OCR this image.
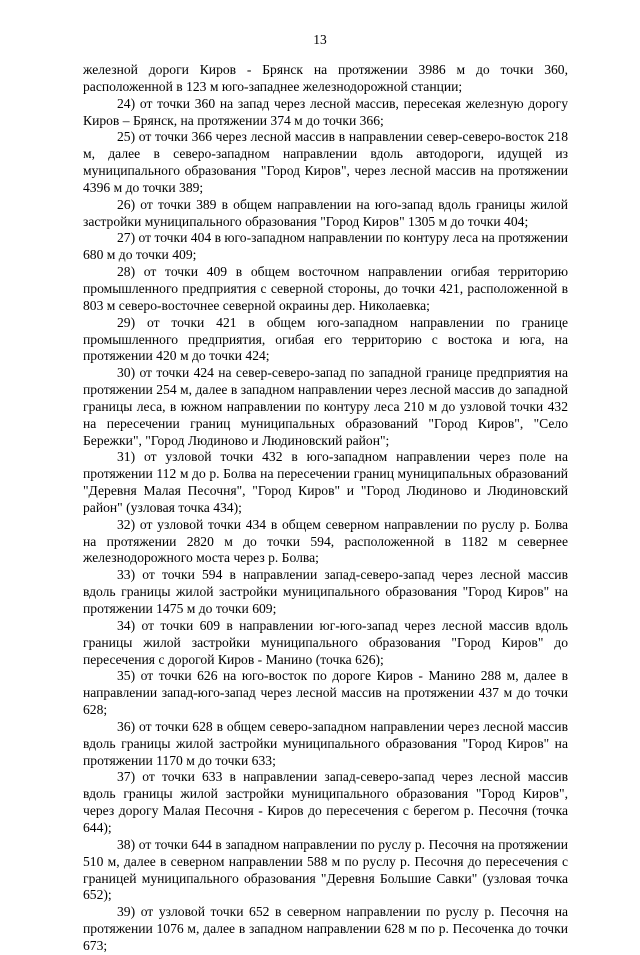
13

железной дороги Киров - Брянск на протяжении 3986 м до точки 360, расположенной в 123 м юго-западнее железнодорожной станции;

24) от точки 360 на запад через лесной массив, пересекая железную дорогу Киров – Брянск, на протяжении 374 м до точки 366;

25) от точки 366 через лесной массив в направлении север-северо-восток 218 м, далее в северо-западном направлении вдоль автодороги, идущей из муниципального образования "Город Киров", через лесной массив на протяжении 4396 м до точки 389;

26) от точки 389 в общем направлении на юго-запад вдоль границы жилой застройки муниципального образования "Город Киров" 1305 м до точки 404;

27) от точки 404 в юго-западном направлении по контуру леса на протяжении 680 м до точки 409;

28) от точки 409 в общем восточном направлении огибая территорию промышленного предприятия с северной стороны, до точки 421, расположенной в 803 м северо-восточнее северной окраины дер. Николаевка;

29) от точки 421 в общем юго-западном направлении по границе промышленного предприятия, огибая его территорию с востока и юга, на протяжении 420 м до точки 424;

30) от точки 424 на север-северо-запад по западной границе предприятия на протяжении 254 м, далее в западном направлении через лесной массив до западной границы леса, в южном направлении по контуру леса 210 м до узловой точки 432 на пересечении границ муниципальных образований "Город Киров", "Село Бережки", "Город Людиново и Людиновский район";

31) от узловой точки 432 в юго-западном направлении через поле на протяжении 112 м до р. Болва на пересечении границ муниципальных образований "Деревня Малая Песочня", "Город Киров" и "Город Людиново и Людиновский район" (узловая точка 434);

32) от узловой точки 434 в общем северном направлении по руслу р. Болва на протяжении 2820 м до точки 594, расположенной в 1182 м севернее железнодорожного моста через р. Болва;

33) от точки 594 в направлении запад-северо-запад через лесной массив вдоль границы жилой застройки муниципального образования "Город Киров" на протяжении 1475 м до точки 609;

34) от точки 609 в направлении юг-юго-запад через лесной массив вдоль границы жилой застройки муниципального образования "Город Киров" до пересечения с дорогой Киров - Манино (точка 626);

35) от точки 626 на юго-восток по дороге Киров - Манино 288 м, далее в направлении запад-юго-запад через лесной массив на протяжении 437 м до точки 628;

36) от точки 628 в общем северо-западном направлении через лесной массив вдоль границы жилой застройки муниципального образования "Город Киров" на протяжении 1170 м до точки 633;

37) от точки 633 в направлении запад-северо-запад через лесной массив вдоль границы жилой застройки муниципального образования "Город Киров", через дорогу Малая Песочня - Киров до пересечения с берегом р. Песочня (точка 644);

38) от точки 644 в западном направлении по руслу р. Песочня на протяжении 510 м, далее в северном направлении 588 м по руслу р. Песочня до пересечения с границей муниципального образования "Деревня Большие Савки" (узловая точка 652);

39) от узловой точки 652 в северном направлении по руслу р. Песочня на протяжении 1076 м, далее в западном направлении 628 м по р. Песоченка до точки 673;
